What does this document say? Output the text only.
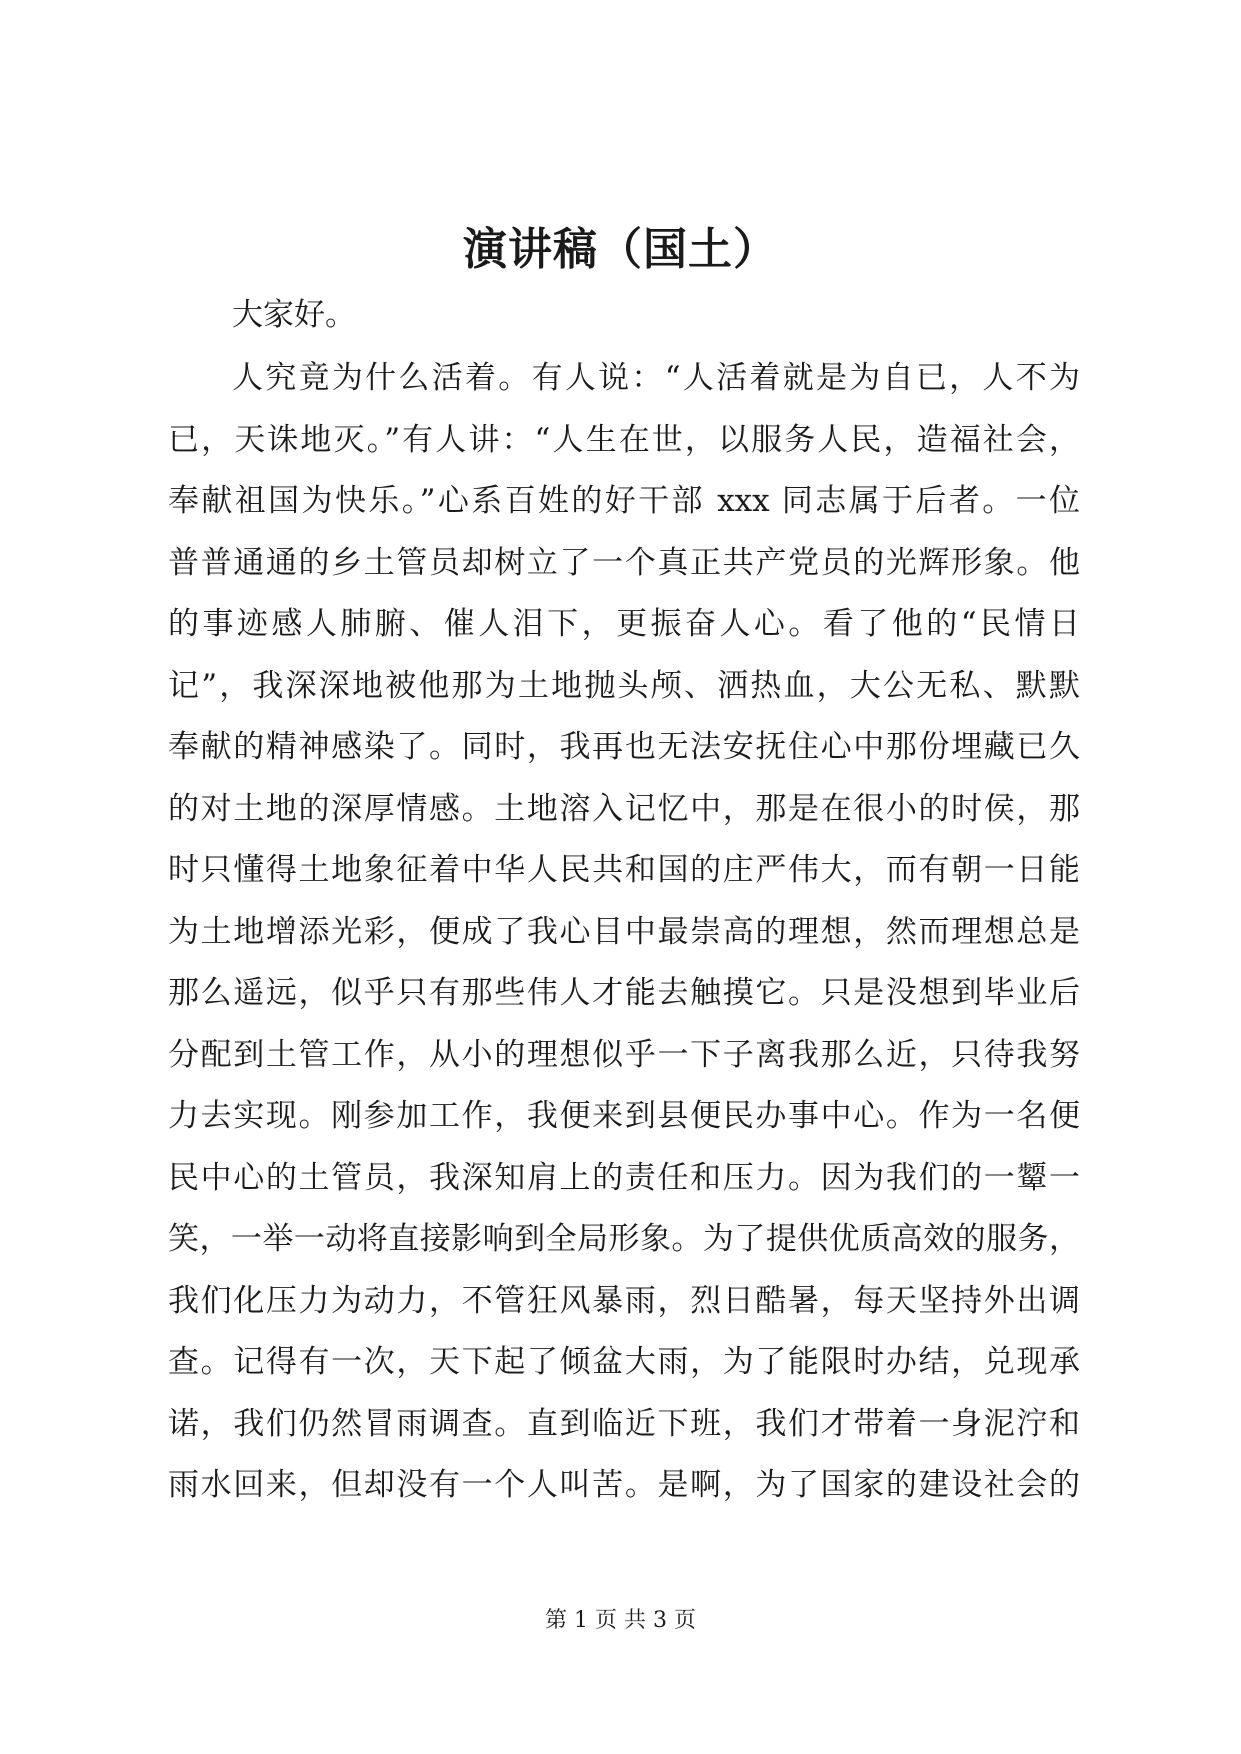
演讲稿（国土）
大家好。
人究竟为什么活着。有人说：“人活着就是为自已，人不为
已，天诛地灭。”有人讲：“人生在世，以服务人民，造福社会，
奉献祖国为快乐。”心系百姓的好干部 xxx 同志属于后者。一位
普普通通的乡土管员却树立了一个真正共产党员的光辉形象。他
的事迹感人肺腑、催人泪下，更振奋人心。看了他的“民情日
记”，我深深地被他那为土地抛头颅、洒热血，大公无私、默默
奉献的精神感染了。同时，我再也无法安抚住心中那份埋藏已久
的对土地的深厚情感。土地溶入记忆中，那是在很小的时侯，那
时只懂得土地象征着中华人民共和国的庄严伟大，而有朝一日能
为土地增添光彩，便成了我心目中最崇高的理想，然而理想总是
那么遥远，似乎只有那些伟人才能去触摸它。只是没想到毕业后
分配到土管工作，从小的理想似乎一下子离我那么近，只待我努
力去实现。刚参加工作，我便来到县便民办事中心。作为一名便
民中心的土管员，我深知肩上的责任和压力。因为我们的一颦一
笑，一举一动将直接影响到全局形象。为了提供优质高效的服务，
我们化压力为动力，不管狂风暴雨，烈日酷暑，每天坚持外出调
查。记得有一次，天下起了倾盆大雨，为了能限时办结，兑现承
诺，我们仍然冒雨调查。直到临近下班，我们才带着一身泥泞和
雨水回来，但却没有一个人叫苦。是啊，为了国家的建设社会的
第 1 页 共 3 页
